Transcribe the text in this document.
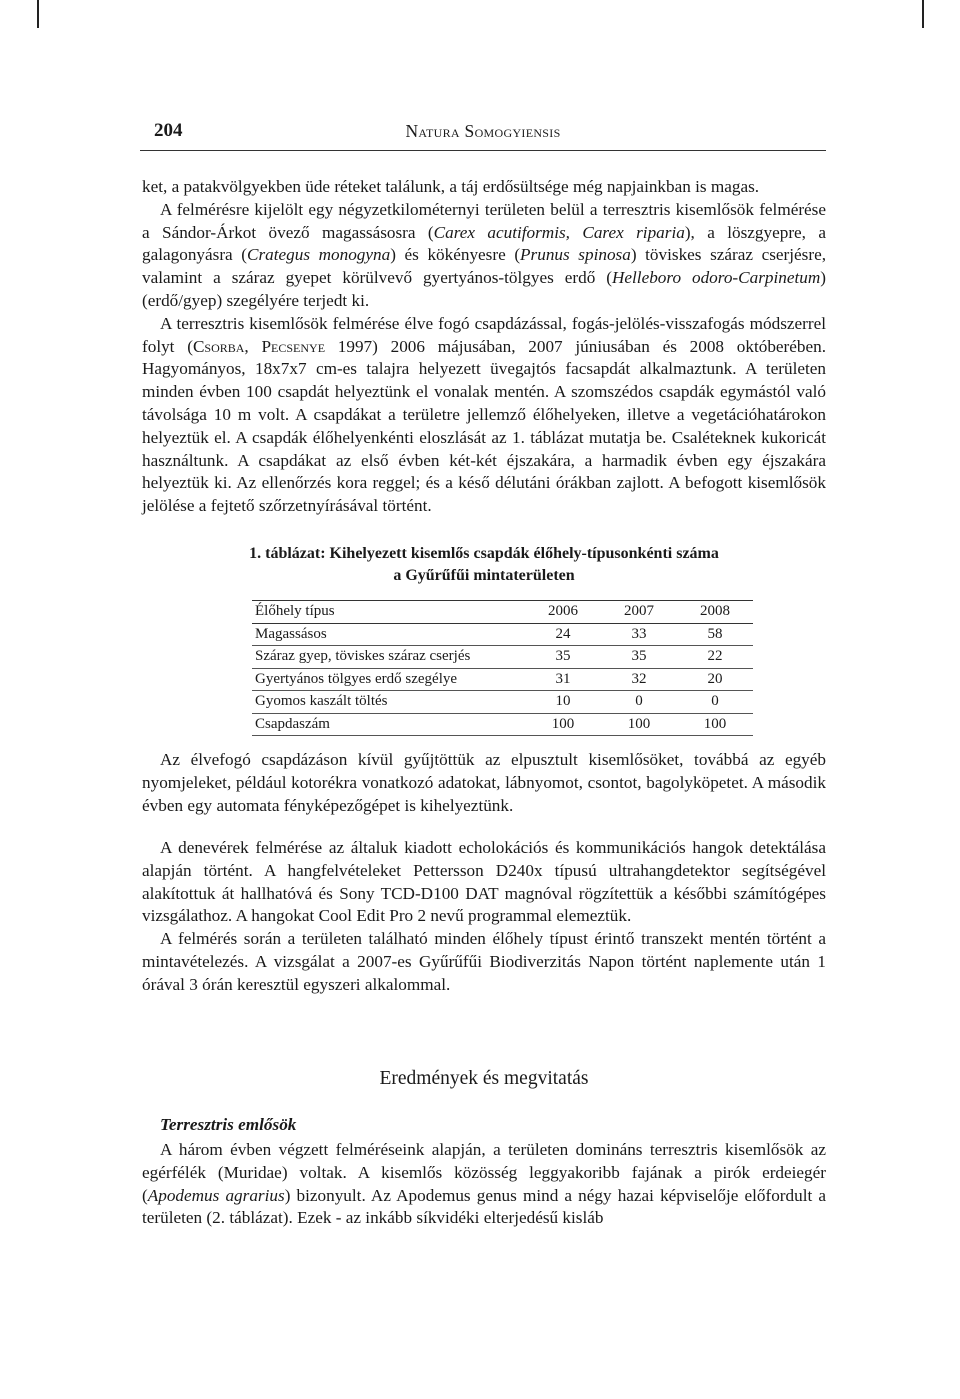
204	Natura Somogyiensis

ket, a patakvölgyekben üde réteket találunk, a táj erdősültsége még napjainkban is magas.

A felmérésre kijelölt egy négyzetkilométernyi területen belül a terresztris kisemlősök felmérése a Sándor-Árkot övező magassásosra (Carex acutiformis, Carex riparia), a löszgyepre, a galagonyásra (Crategus monogyna) és kökényesre (Prunus spinosa) töviskes száraz cserjésre, valamint a száraz gyepet körülvevő gyertyános-tölgyes erdő (Helleboro odoro-Carpinetum) (erdő/gyep) szegélyére terjedt ki.

A terresztris kisemlősök felmérése élve fogó csapdázással, fogás-jelölés-visszafogás módszerrel folyt (Csorba, Pecsenye 1997) 2006 májusában, 2007 júniusában és 2008 októberében. Hagyományos, 18x7x7 cm-es talajra helyezett üvegajtós facsapdát alkalmaztunk. A területen minden évben 100 csapdát helyeztünk el vonalak mentén. A szomszédos csapdák egymástól való távolsága 10 m volt. A csapdákat a területre jellemző élőhelyeken, illetve a vegetációhatárokon helyeztük el. A csapdák élőhelyenkénti eloszlását az 1. táblázat mutatja be. Csaléteknek kukoricát használtunk. A csapdákat az első évben két-két éjszakára, a harmadik évben egy éjszakára helyeztük ki. Az ellenőrzés kora reggel; és a késő délutáni órákban zajlott. A befogott kisemlősök jelölése a fejtető szőrzetnyírásával történt.

1. táblázat: Kihelyezett kisemlős csapdák élőhely-típusonkénti száma
a Gyűrűfűi mintaterületen
Élőhely típus	2006	2007	2008
Magassásos	24	33	58
Száraz gyep, töviskes száraz cserjés	35	35	22
Gyertyános tölgyes erdő szegélye	31	32	20
Gyomos kaszált töltés	10	0	0
Csapdaszám	100	100	100

Az élvefogó csapdázáson kívül gyűjtöttük az elpusztult kisemlősöket, továbbá az egyéb nyomjeleket, például kotorékra vonatkozó adatokat, lábnyomot, csontot, bagolyköpetet. A második évben egy automata fényképezőgépet is kihelyeztünk.

A denevérek felmérése az általuk kiadott echolokációs és kommunikációs hangok detektálása alapján történt. A hangfelvételeket Pettersson D240x típusú ultrahangdetektor segítségével alakítottuk át hallhatóvá és Sony TCD-D100 DAT magnóval rögzítettük a későbbi számítógépes vizsgálathoz. A hangokat Cool Edit Pro 2 nevű programmal elemeztük.

A felmérés során a területen található minden élőhely típust érintő transzekt mentén történt a mintavételezés. A vizsgálat a 2007-es Gyűrűfűi Biodiverzitás Napon történt naplemente után 1 órával 3 órán keresztül egyszeri alkalommal.

Eredmények és megvitatás
Terresztris emlősök

A három évben végzett felméréseink alapján, a területen domináns terresztris kisemlősök az egérfélék (Muridae) voltak. A kisemlős közösség leggyakoribb fajának a pirók erdeiegér (Apodemus agrarius) bizonyult. Az Apodemus genus mind a négy hazai képviselője előfordult a területen (2. táblázat). Ezek - az inkább síkvidéki elterjedésű kisláb
